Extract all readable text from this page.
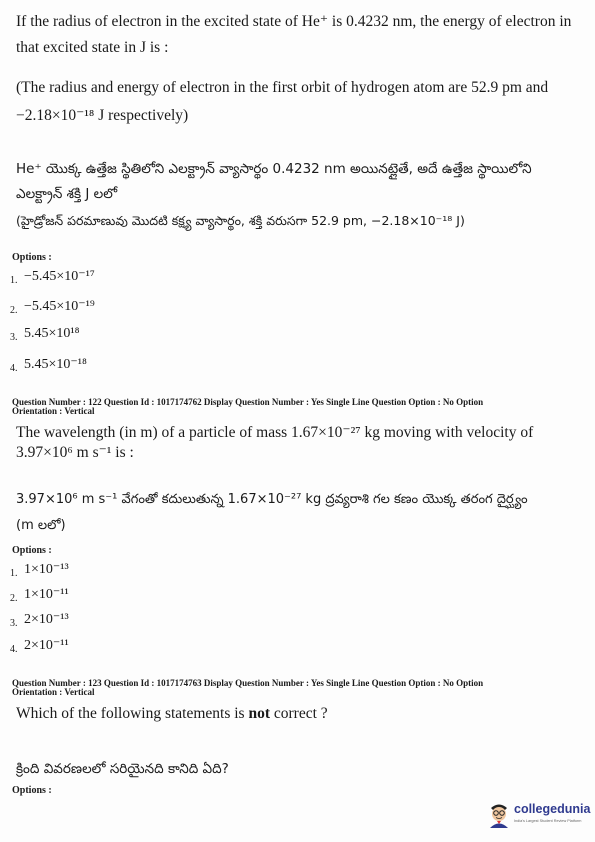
If the radius of electron in the excited state of He⁺ is 0.4232 nm, the energy of electron in
that excited state in J is :
(The radius and energy of electron in the first orbit of hydrogen atom are 52.9 pm and
−2.18×10⁻¹⁸ J respectively)
He⁺ యొక్క ఉత్తేజ స్థితిలోని ఎలక్ట్రాన్ వ్యాసార్థం 0.4232 nm అయినట్లైతే, అదే ఉత్తేజ స్థాయిలోని
ఎలక్ట్రాన్ శక్తి J లలో
(హైడ్రోజన్ పరమాణువు మొదటి కక్ష్య వ్యాసార్థం, శక్తి వరుసగా 52.9 pm, −2.18×10⁻¹⁸ J)
Options :
1. −5.45×10⁻¹⁷
2. −5.45×10⁻¹⁹
3. 5.45×10¹⁸
4. 5.45×10⁻¹⁸
Question Number : 122 Question Id : 1017174762 Display Question Number : Yes Single Line Question Option : No Option
Orientation : Vertical
The wavelength (in m) of a particle of mass 1.67×10⁻²⁷ kg moving with velocity of
3.97×10⁶ m s⁻¹ is :
3.97×10⁶ m s⁻¹ వేగంతో కదులుతున్న 1.67×10⁻²⁷ kg ద్రవ్యరాశి గల కణం యొక్క తరంగ దైర్ఘ్యం
(m లలో)
Options :
1. 1×10⁻¹³
2. 1×10⁻¹¹
3. 2×10⁻¹³
4. 2×10⁻¹¹
Question Number : 123 Question Id : 1017174763 Display Question Number : Yes Single Line Question Option : No Option
Orientation : Vertical
Which of the following statements is not correct ?
క్రింది వివరణలలో సరియైనది కానిది ఏది?
Options :
collegedunia
India's Largest Student Review Platform
